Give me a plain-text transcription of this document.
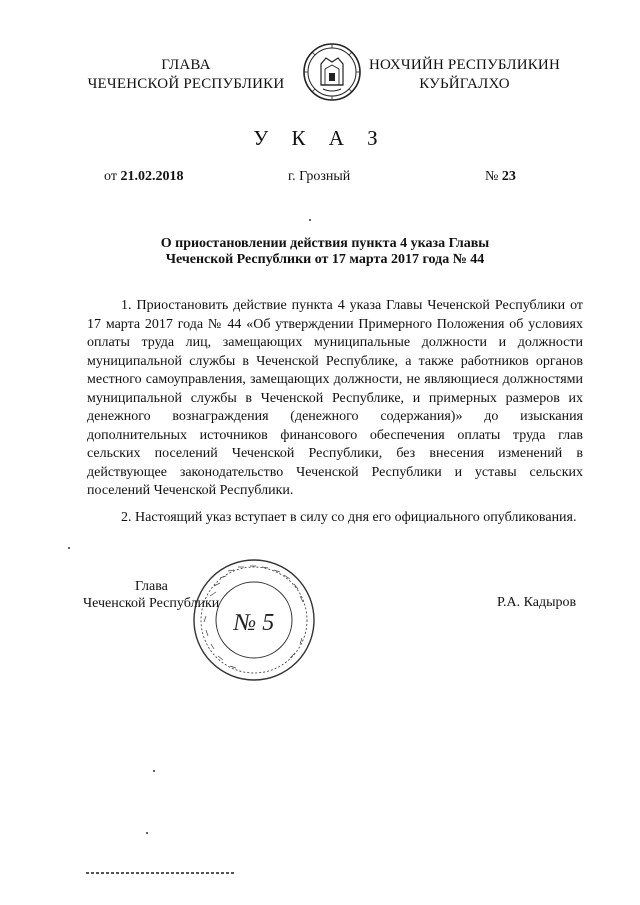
ГЛАВА
ЧЕЧЕНСКОЙ РЕСПУБЛИКИ
НОХЧИЙН РЕСПУБЛИКИН
КУЬЙГАЛХО
У К А З
от 21.02.2018	г. Грозный	№ 23
О приостановлении действия пункта 4 указа Главы
Чеченской Республики от 17 марта 2017 года № 44

1. Приостановить действие пункта 4 указа Главы Чеченской Республики от 17 марта 2017 года № 44 «Об утверждении Примерного Положения об условиях оплаты труда лиц, замещающих муниципальные должности и должности муниципальной службы в Чеченской Республике, а также работников органов местного самоуправления, замещающих должности, не являющиеся должностями муниципальной службы в Чеченской Республике, и примерных размеров их денежного вознаграждения (денежного содержания)» до изыскания дополнительных источников финансового обеспечения оплаты труда глав сельских поселений Чеченской Республики, без внесения изменений в действующее законодательство Чеченской Республики и уставы сельских поселений Чеченской Республики.

2. Настоящий указ вступает в силу со дня его официального опубликования.

№ 5
Глава
Чеченской Республики	Р.А. Кадыров
